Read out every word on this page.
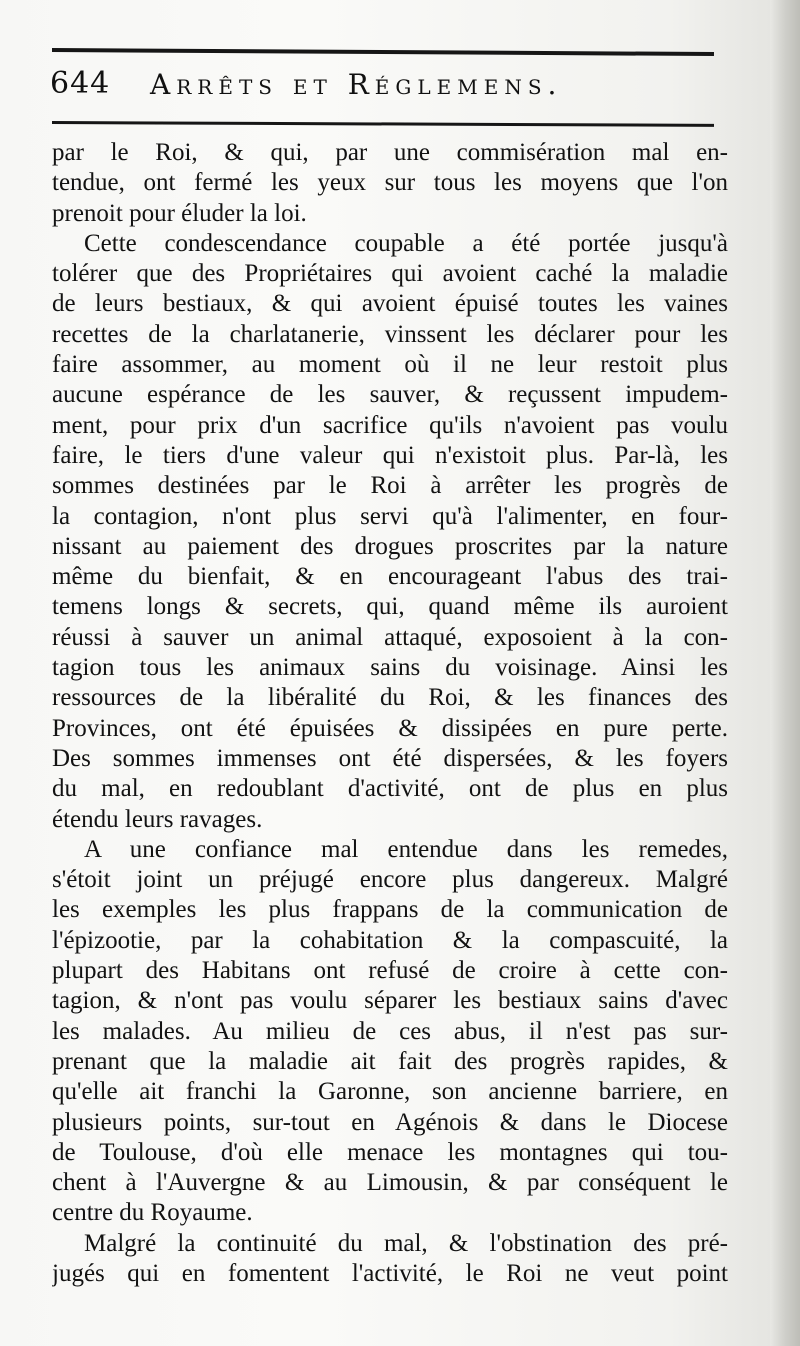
644 Arrêts et Réglemens.
par le Roi, & qui, par une commisération mal en-
tendue, ont fermé les yeux sur tous les moyens que l'on
prenoit pour éluder la loi.
Cette condescendance coupable a été portée jusqu'à
tolérer que des Propriétaires qui avoient caché la maladie
de leurs bestiaux, & qui avoient épuisé toutes les vaines
recettes de la charlatanerie, vinssent les déclarer pour les
faire assommer, au moment où il ne leur restoit plus
aucune espérance de les sauver, & reçussent impudem-
ment, pour prix d'un sacrifice qu'ils n'avoient pas voulu
faire, le tiers d'une valeur qui n'existoit plus. Par-là, les
sommes destinées par le Roi à arrêter les progrès de
la contagion, n'ont plus servi qu'à l'alimenter, en four-
nissant au paiement des drogues proscrites par la nature
même du bienfait, & en encourageant l'abus des trai-
temens longs & secrets, qui, quand même ils auroient
réussi à sauver un animal attaqué, exposoient à la con-
tagion tous les animaux sains du voisinage. Ainsi les
ressources de la libéralité du Roi, & les finances des
Provinces, ont été épuisées & dissipées en pure perte.
Des sommes immenses ont été dispersées, & les foyers
du mal, en redoublant d'activité, ont de plus en plus
étendu leurs ravages.
A une confiance mal entendue dans les remedes,
s'étoit joint un préjugé encore plus dangereux. Malgré
les exemples les plus frappans de la communication de
l'épizootie, par la cohabitation & la compascuité, la
plupart des Habitans ont refusé de croire à cette con-
tagion, & n'ont pas voulu séparer les bestiaux sains d'avec
les malades. Au milieu de ces abus, il n'est pas sur-
prenant que la maladie ait fait des progrès rapides, &
qu'elle ait franchi la Garonne, son ancienne barriere, en
plusieurs points, sur-tout en Agénois & dans le Diocese
de Toulouse, d'où elle menace les montagnes qui tou-
chent à l'Auvergne & au Limousin, & par conséquent le
centre du Royaume.
Malgré la continuité du mal, & l'obstination des pré-
jugés qui en fomentent l'activité, le Roi ne veut point
